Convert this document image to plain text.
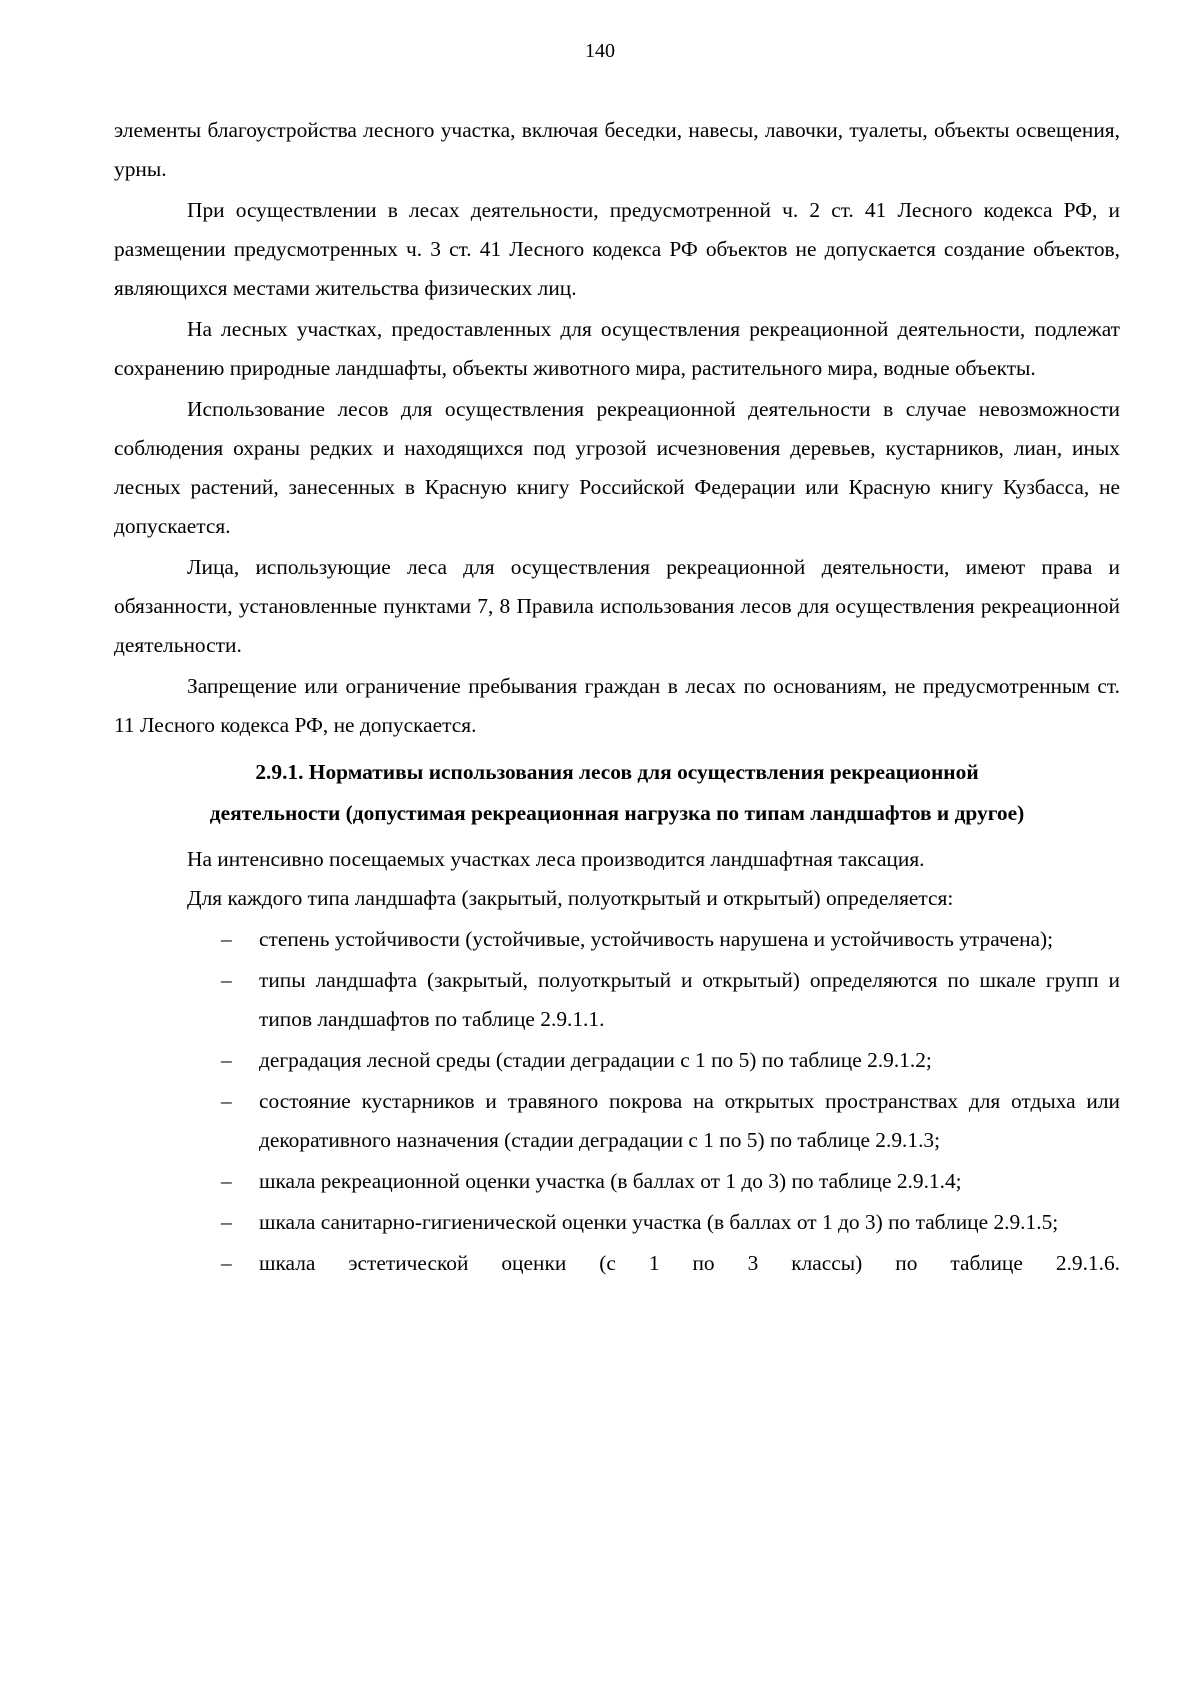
140

элементы благоустройства лесного участка, включая беседки, навесы, лавочки, туалеты, объекты освещения, урны.

При осуществлении в лесах деятельности, предусмотренной ч. 2 ст. 41 Лесного кодекса РФ, и размещении предусмотренных ч. 3 ст. 41 Лесного кодекса РФ объектов не допускается создание объектов, являющихся местами жительства физических лиц.

На лесных участках, предоставленных для осуществления рекреационной деятельности, подлежат сохранению природные ландшафты, объекты животного мира, растительного мира, водные объекты.

Использование лесов для осуществления рекреационной деятельности в случае невозможности соблюдения охраны редких и находящихся под угрозой исчезновения деревьев, кустарников, лиан, иных лесных растений, занесенных в Красную книгу Российской Федерации или Красную книгу Кузбасса, не допускается.

Лица, использующие леса для осуществления рекреационной деятельности, имеют права и обязанности, установленные пунктами 7, 8 Правила использования лесов для осуществления рекреационной деятельности.

Запрещение или ограничение пребывания граждан в лесах по основаниям, не предусмотренным ст. 11 Лесного кодекса РФ, не допускается.

2.9.1. Нормативы использования лесов для осуществления рекреационной
деятельности (допустимая рекреационная нагрузка по типам ландшафтов и другое)

На интенсивно посещаемых участках леса производится ландшафтная таксация.

Для каждого типа ландшафта (закрытый, полуоткрытый и открытый) определяется:

– степень устойчивости (устойчивые, устойчивость нарушена и устойчивость утрачена);
– типы ландшафта (закрытый, полуоткрытый и открытый) определяются по шкале групп и типов ландшафтов по таблице 2.9.1.1.
– деградация лесной среды (стадии деградации с 1 по 5) по таблице 2.9.1.2;
– состояние кустарников и травяного покрова на открытых пространствах для отдыха или декоративного назначения (стадии деградации с 1 по 5) по таблице 2.9.1.3;
– шкала рекреационной оценки участка (в баллах от 1 до 3) по таблице 2.9.1.4;
– шкала санитарно-гигиенической оценки участка (в баллах от 1 до 3) по таблице 2.9.1.5;
– шкала эстетической оценки (с 1 по 3 классы) по таблице 2.9.1.6.
